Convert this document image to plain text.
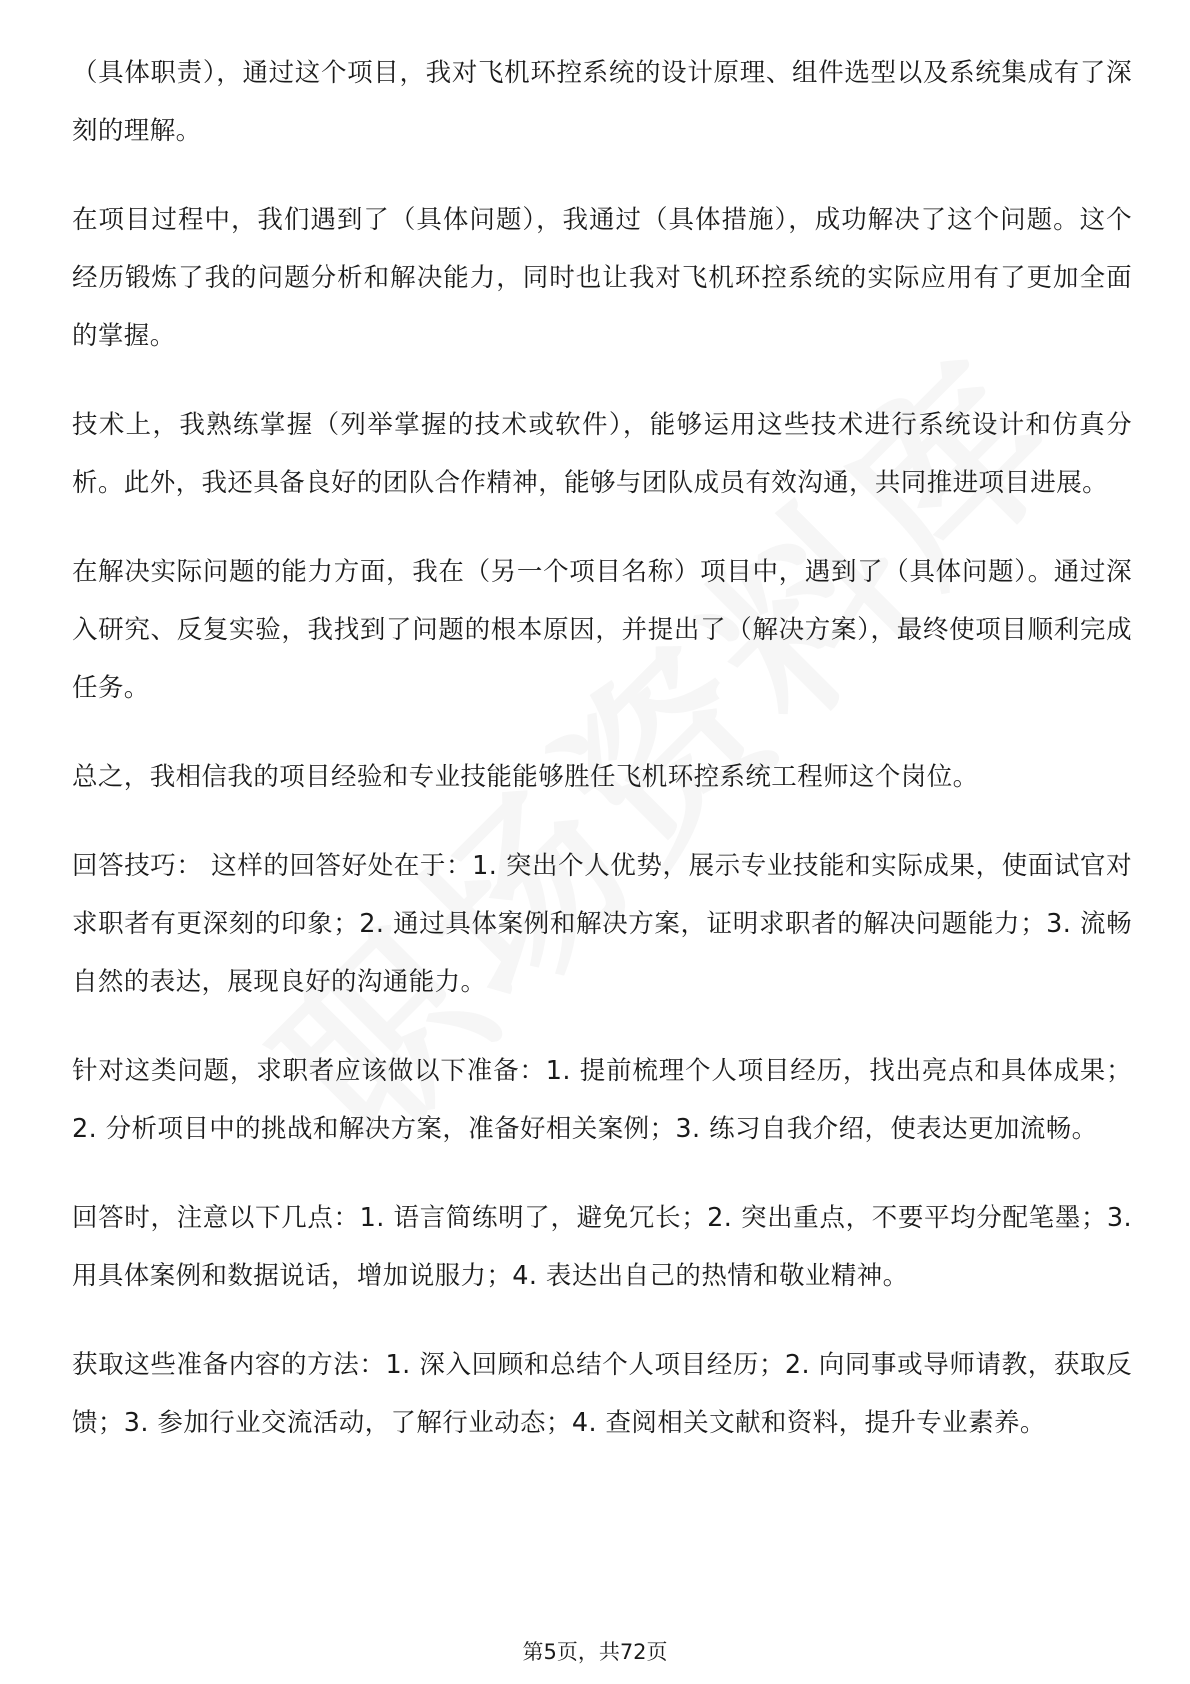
（具体职责），通过这个项目，我对飞机环控系统的设计原理、组件选型以及系统集成有了深刻的理解。

在项目过程中，我们遇到了（具体问题），我通过（具体措施），成功解决了这个问题。这个经历锻炼了我的问题分析和解决能力，同时也让我对飞机环控系统的实际应用有了更加全面的掌握。

技术上，我熟练掌握（列举掌握的技术或软件），能够运用这些技术进行系统设计和仿真分析。此外，我还具备良好的团队合作精神，能够与团队成员有效沟通，共同推进项目进展。

在解决实际问题的能力方面，我在（另一个项目名称）项目中，遇到了（具体问题）。通过深入研究、反复实验，我找到了问题的根本原因，并提出了（解决方案），最终使项目顺利完成任务。

总之，我相信我的项目经验和专业技能能够胜任飞机环控系统工程师这个岗位。

回答技巧： 这样的回答好处在于：1. 突出个人优势，展示专业技能和实际成果，使面试官对求职者有更深刻的印象；2. 通过具体案例和解决方案，证明求职者的解决问题能力；3. 流畅自然的表达，展现良好的沟通能力。

针对这类问题，求职者应该做以下准备：1. 提前梳理个人项目经历，找出亮点和具体成果；2. 分析项目中的挑战和解决方案，准备好相关案例；3. 练习自我介绍，使表达更加流畅。

回答时，注意以下几点：1. 语言简练明了，避免冗长；2. 突出重点，不要平均分配笔墨；3. 用具体案例和数据说话，增加说服力；4. 表达出自己的热情和敬业精神。

获取这些准备内容的方法：1. 深入回顾和总结个人项目经历；2. 向同事或导师请教，获取反馈；3. 参加行业交流活动，了解行业动态；4. 查阅相关文献和资料，提升专业素养。

第5页，共72页
